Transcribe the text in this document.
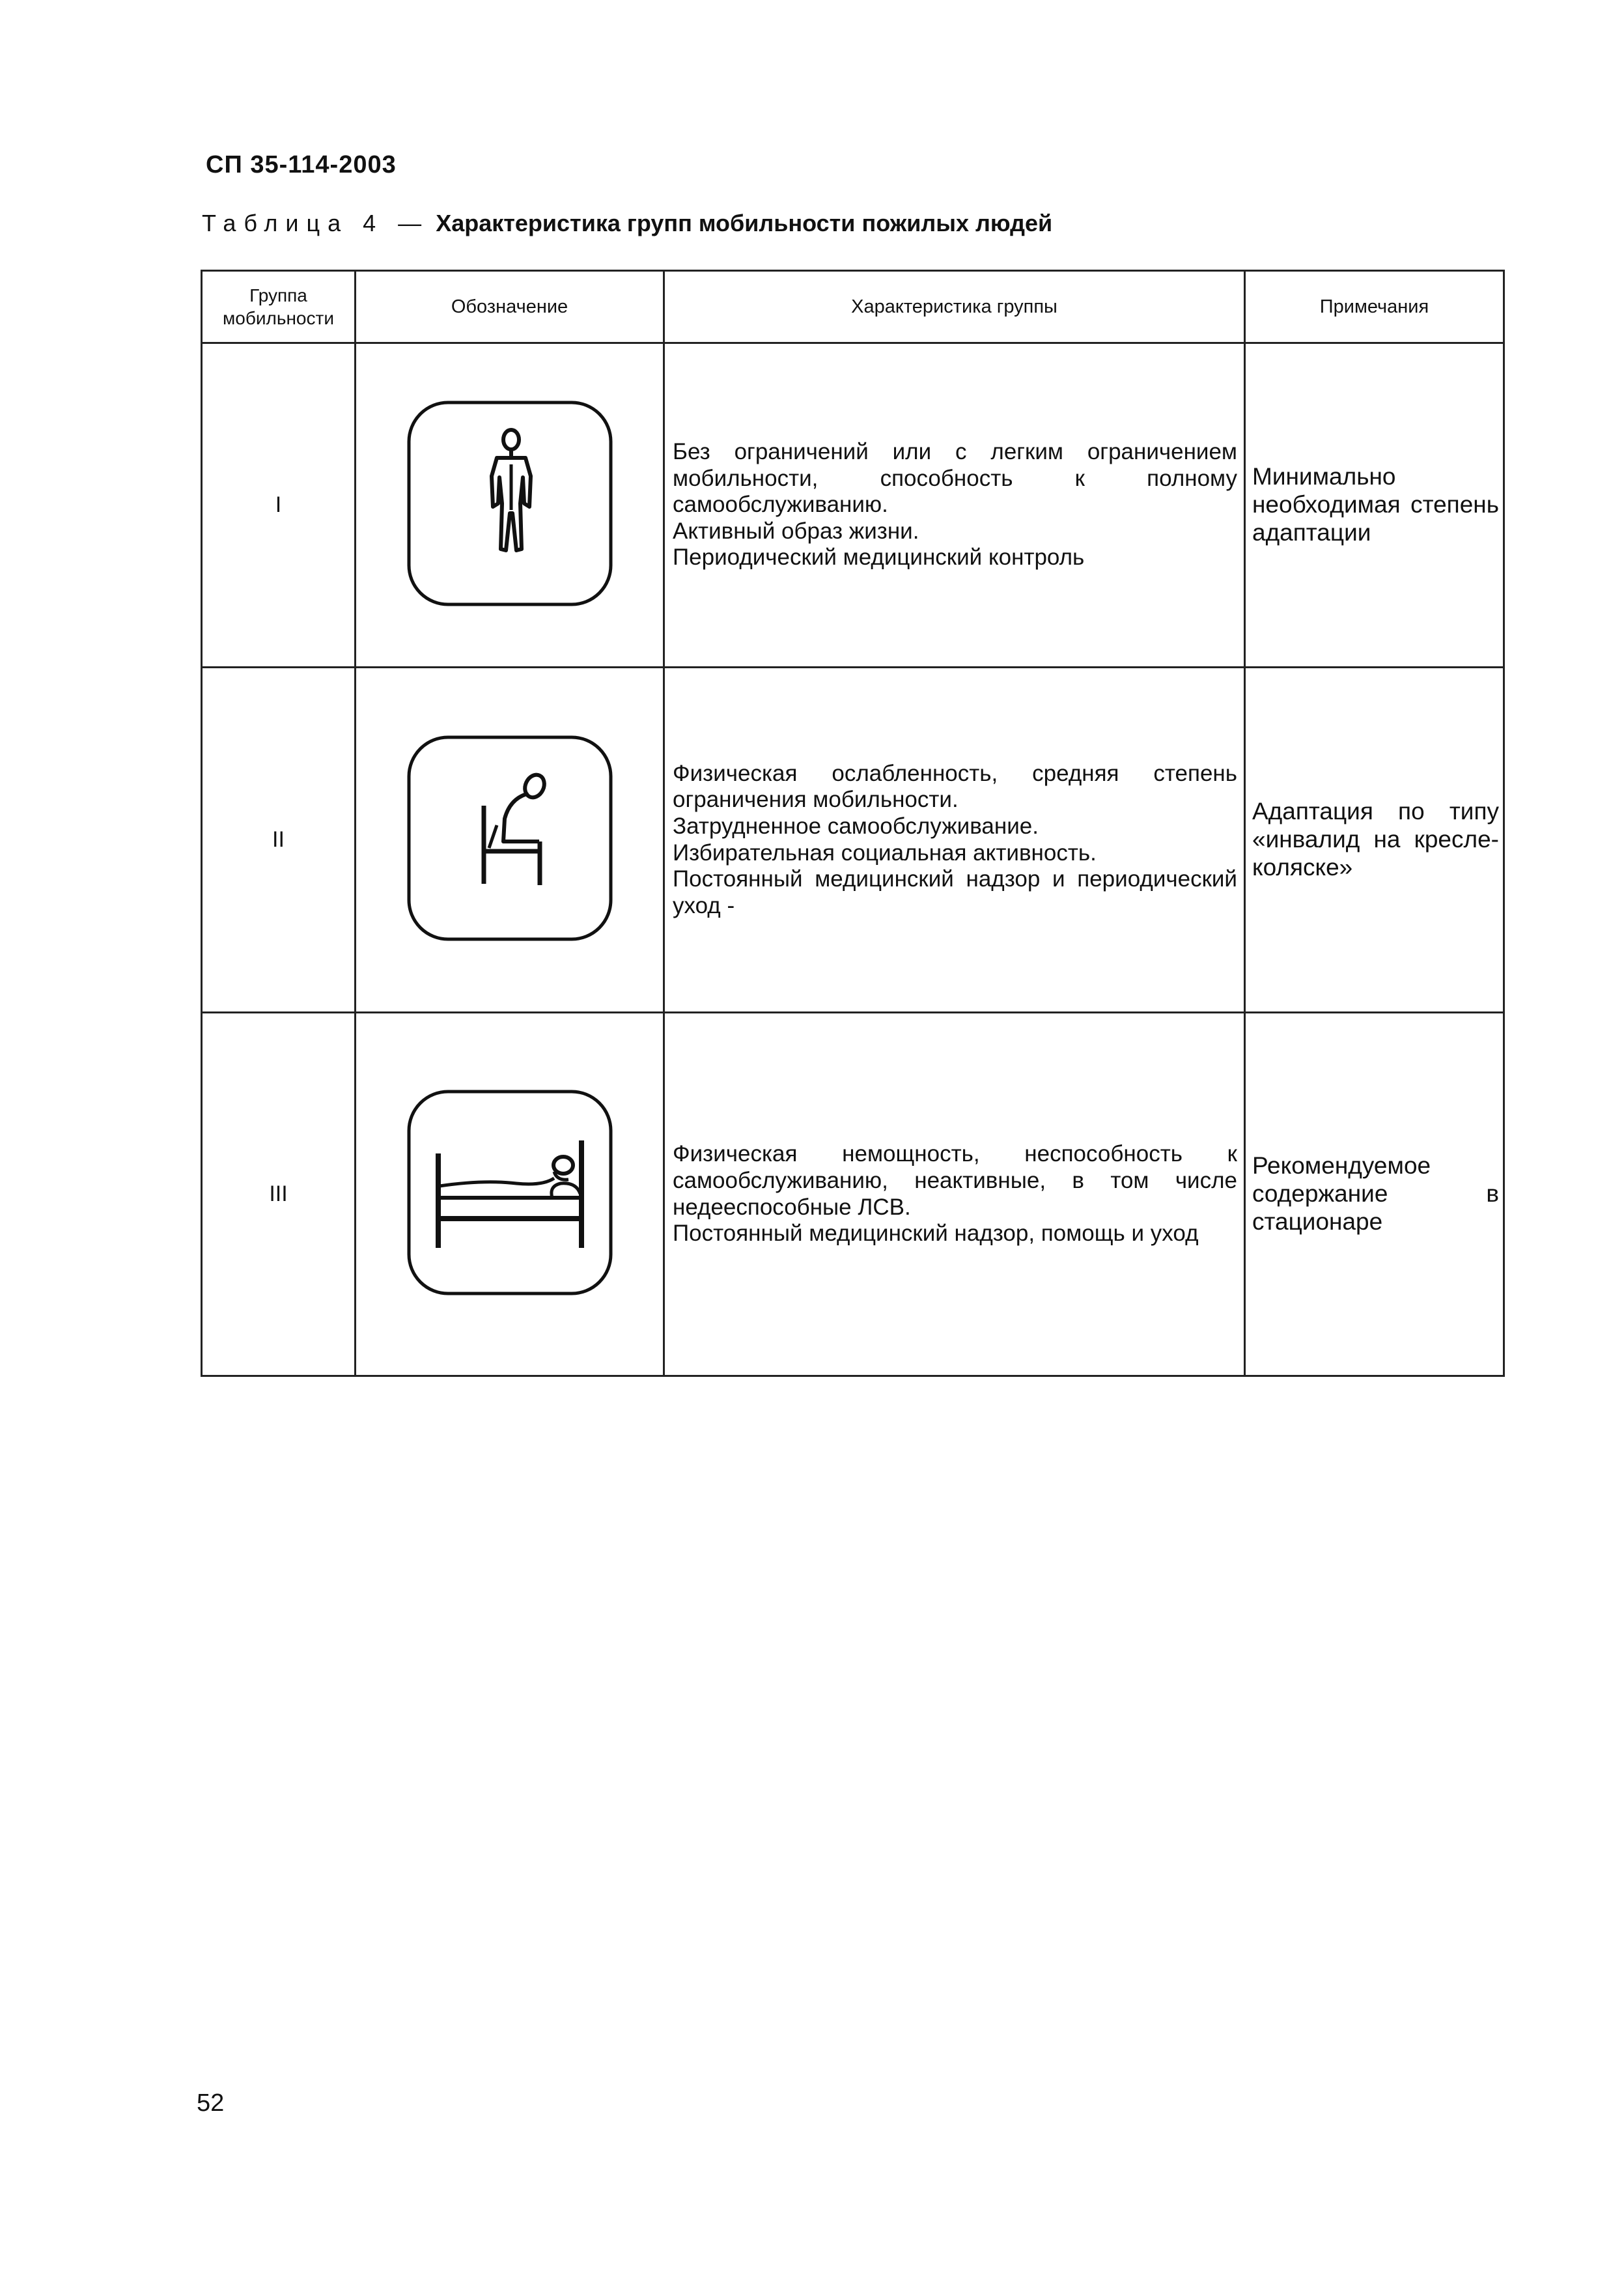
СП 35-114-2003
Таблица 4 — Характеристика групп мобильности пожилых людей
Группа мобильности	Обозначение	Характеристика группы	Примечания
I		Без ограничений или с легким ограничением мобильности, способность к полному самообслуживанию.
Активный образ жизни.
Периодический медицинский контроль	Минимально необходимая степень адаптации
II		Физическая ослабленность, средняя степень ограничения мобильности.
Затрудненное самообслуживание.
Избирательная социальная активность.
Постоянный медицинский надзор и периодический уход -	Адаптация по типу «инвалид на кресле-коляске»
III		Физическая немощность, неспособность к самообслуживанию, неактивные, в том числе недееспособные ЛСВ.
Постоянный медицинский надзор, помощь и уход	Рекомендуемое содержание в стационаре
52
